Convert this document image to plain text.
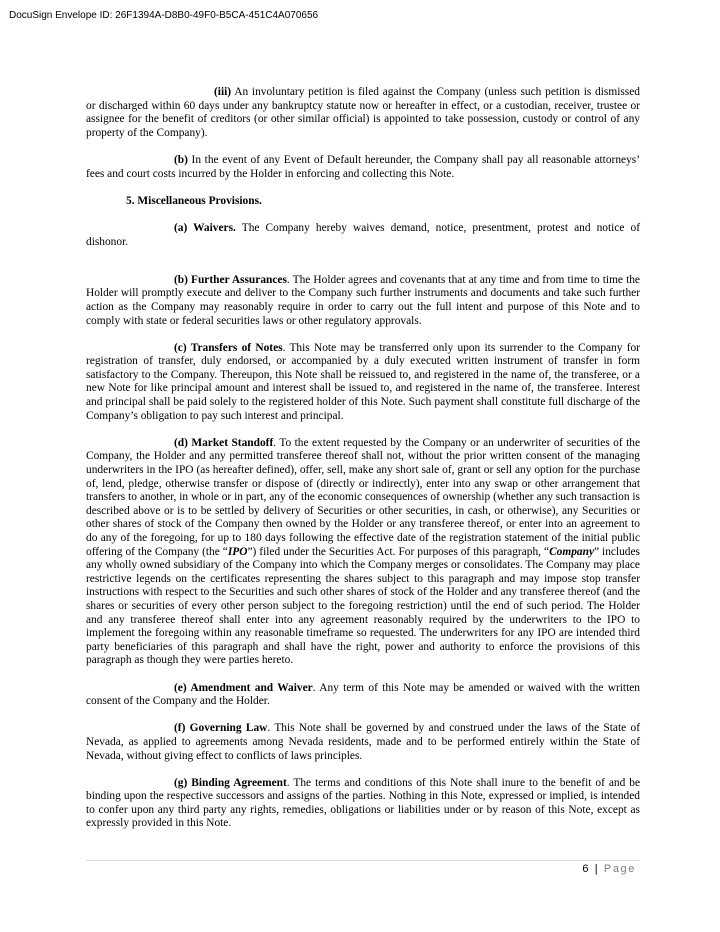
DocuSign Envelope ID: 26F1394A-D8B0-49F0-B5CA-451C4A070656

(iii) An involuntary petition is filed against the Company (unless such petition is dismissed or discharged within 60 days under any bankruptcy statute now or hereafter in effect, or a custodian, receiver, trustee or assignee for the benefit of creditors (or other similar official) is appointed to take possession, custody or control of any property of the Company).

(b) In the event of any Event of Default hereunder, the Company shall pay all reasonable attorneys’ fees and court costs incurred by the Holder in enforcing and collecting this Note.

5. Miscellaneous Provisions.

(a) Waivers. The Company hereby waives demand, notice, presentment, protest and notice of dishonor.

(b) Further Assurances. The Holder agrees and covenants that at any time and from time to time the Holder will promptly execute and deliver to the Company such further instruments and documents and take such further action as the Company may reasonably require in order to carry out the full intent and purpose of this Note and to comply with state or federal securities laws or other regulatory approvals.

(c) Transfers of Notes. This Note may be transferred only upon its surrender to the Company for registration of transfer, duly endorsed, or accompanied by a duly executed written instrument of transfer in form satisfactory to the Company. Thereupon, this Note shall be reissued to, and registered in the name of, the transferee, or a new Note for like principal amount and interest shall be issued to, and registered in the name of, the transferee. Interest and principal shall be paid solely to the registered holder of this Note. Such payment shall constitute full discharge of the Company’s obligation to pay such interest and principal.

(d) Market Standoff. To the extent requested by the Company or an underwriter of securities of the Company, the Holder and any permitted transferee thereof shall not, without the prior written consent of the managing underwriters in the IPO (as hereafter defined), offer, sell, make any short sale of, grant or sell any option for the purchase of, lend, pledge, otherwise transfer or dispose of (directly or indirectly), enter into any swap or other arrangement that transfers to another, in whole or in part, any of the economic consequences of ownership (whether any such transaction is described above or is to be settled by delivery of Securities or other securities, in cash, or otherwise), any Securities or other shares of stock of the Company then owned by the Holder or any transferee thereof, or enter into an agreement to do any of the foregoing, for up to 180 days following the effective date of the registration statement of the initial public offering of the Company (the “IPO”) filed under the Securities Act. For purposes of this paragraph, “Company” includes any wholly owned subsidiary of the Company into which the Company merges or consolidates. The Company may place restrictive legends on the certificates representing the shares subject to this paragraph and may impose stop transfer instructions with respect to the Securities and such other shares of stock of the Holder and any transferee thereof (and the shares or securities of every other person subject to the foregoing restriction) until the end of such period. The Holder and any transferee thereof shall enter into any agreement reasonably required by the underwriters to the IPO to implement the foregoing within any reasonable timeframe so requested. The underwriters for any IPO are intended third party beneficiaries of this paragraph and shall have the right, power and authority to enforce the provisions of this paragraph as though they were parties hereto.

(e) Amendment and Waiver. Any term of this Note may be amended or waived with the written consent of the Company and the Holder.

(f) Governing Law. This Note shall be governed by and construed under the laws of the State of Nevada, as applied to agreements among Nevada residents, made and to be performed entirely within the State of Nevada, without giving effect to conflicts of laws principles.

(g) Binding Agreement. The terms and conditions of this Note shall inure to the benefit of and be binding upon the respective successors and assigns of the parties. Nothing in this Note, expressed or implied, is intended to confer upon any third party any rights, remedies, obligations or liabilities under or by reason of this Note, except as expressly provided in this Note.

6 | Page
